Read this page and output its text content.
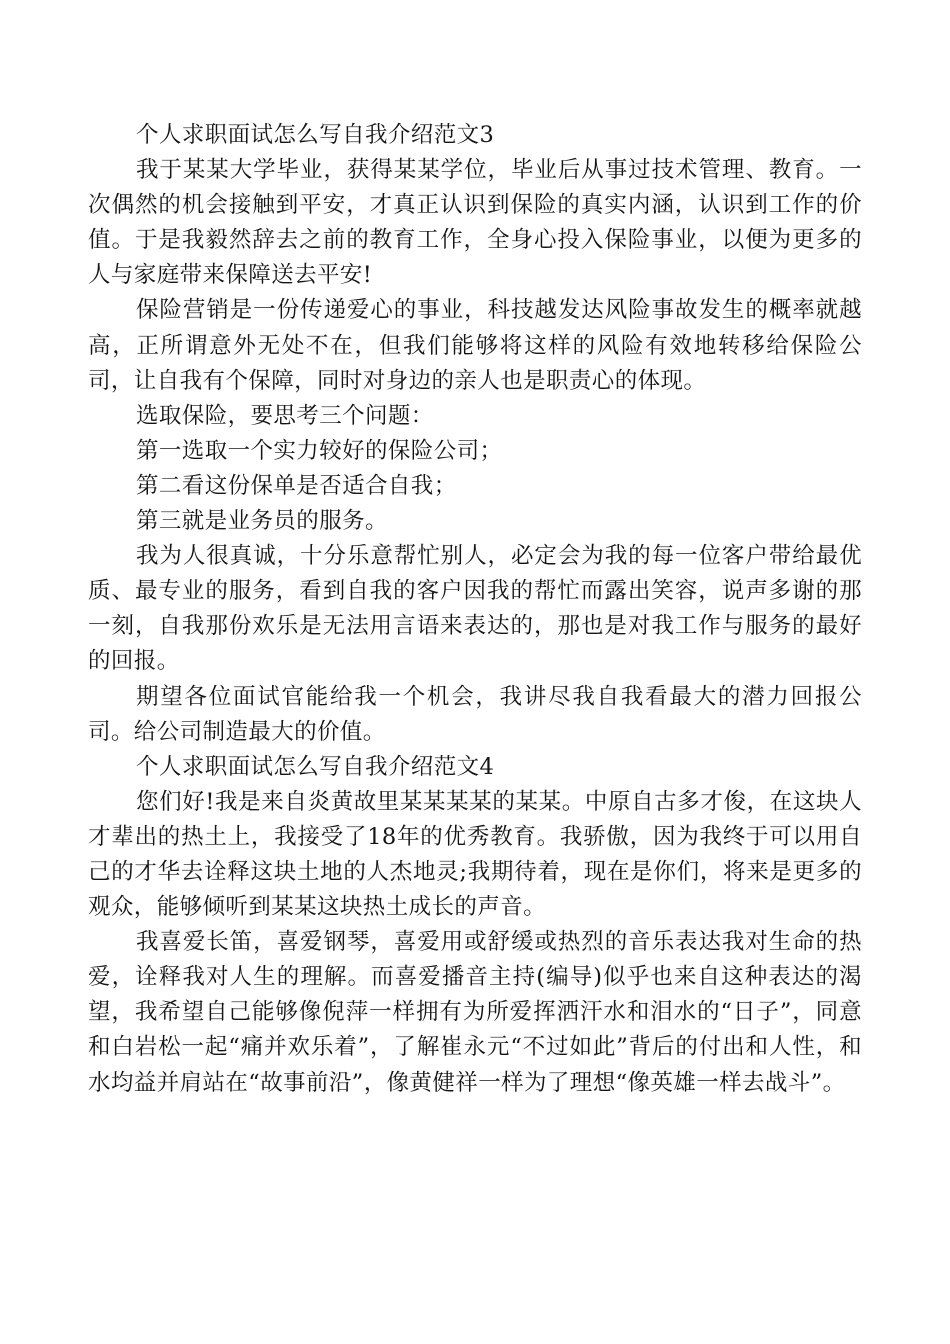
个人求职面试怎么写自我介绍范文3

我于某某大学毕业，获得某某学位，毕业后从事过技术管理、教育。一次偶然的机会接触到平安，才真正认识到保险的真实内涵，认识到工作的价值。于是我毅然辞去之前的教育工作，全身心投入保险事业，以便为更多的人与家庭带来保障送去平安!

保险营销是一份传递爱心的事业，科技越发达风险事故发生的概率就越高，正所谓意外无处不在，但我们能够将这样的风险有效地转移给保险公司，让自我有个保障，同时对身边的亲人也是职责心的体现。

选取保险，要思考三个问题：

第一选取一个实力较好的保险公司；

第二看这份保单是否适合自我；

第三就是业务员的服务。

我为人很真诚，十分乐意帮忙别人，必定会为我的每一位客户带给最优质、最专业的服务，看到自我的客户因我的帮忙而露出笑容，说声多谢的那一刻，自我那份欢乐是无法用言语来表达的，那也是对我工作与服务的最好的回报。

期望各位面试官能给我一个机会，我讲尽我自我看最大的潜力回报公司。给公司制造最大的价值。

个人求职面试怎么写自我介绍范文4

您们好!我是来自炎黄故里某某某某的某某。中原自古多才俊，在这块人才辈出的热土上，我接受了18年的优秀教育。我骄傲，因为我终于可以用自己的才华去诠释这块土地的人杰地灵;我期待着，现在是你们，将来是更多的观众，能够倾听到某某这块热土成长的声音。

我喜爱长笛，喜爱钢琴，喜爱用或舒缓或热烈的音乐表达我对生命的热爱，诠释我对人生的理解。而喜爱播音主持(编导)似乎也来自这种表达的渴望，我希望自己能够像倪萍一样拥有为所爱挥洒汗水和泪水的“日子”，同意和白岩松一起“痛并欢乐着”，了解崔永元“不过如此”背后的付出和人性，和水均益并肩站在“故事前沿”，像黄健祥一样为了理想“像英雄一样去战斗”。
